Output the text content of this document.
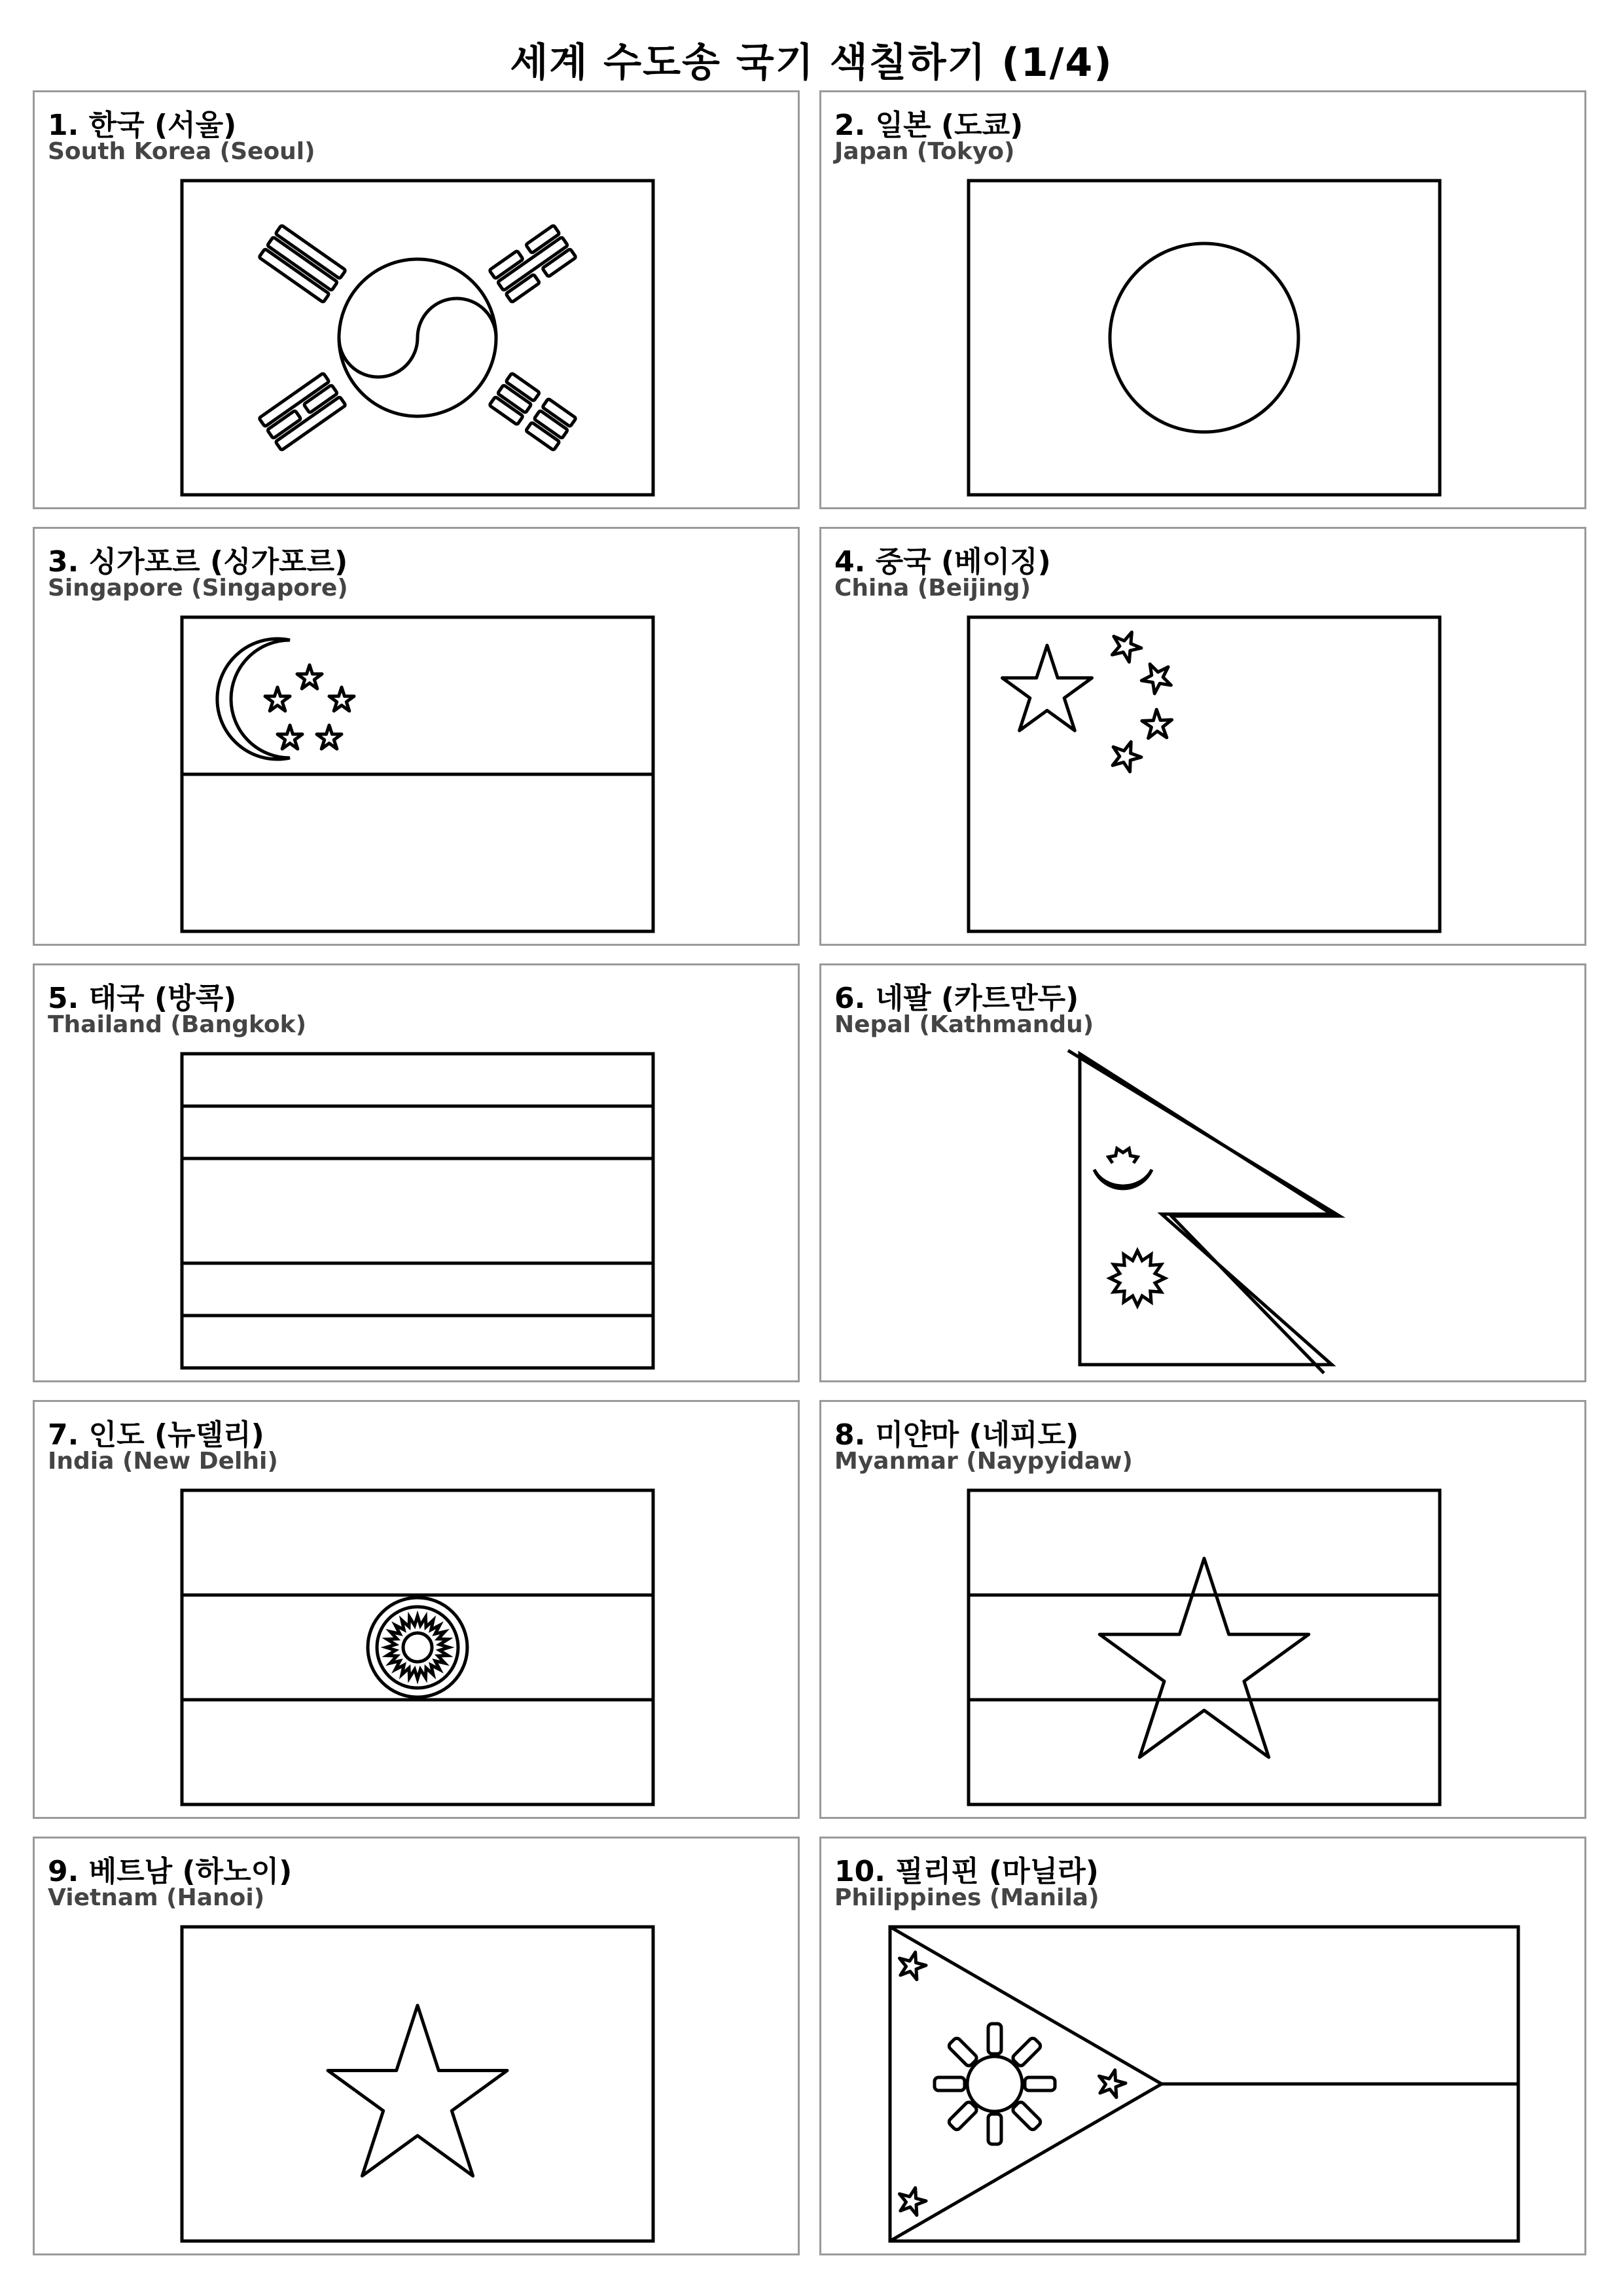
세계 수도송 국기 색칠하기 (1/4)
1. 한국 (서울)
South Korea (Seoul)
2. 일본 (도쿄)
Japan (Tokyo)
3. 싱가포르 (싱가포르)
Singapore (Singapore)
4. 중국 (베이징)
China (Beijing)
5. 태국 (방콕)
Thailand (Bangkok)
6. 네팔 (카트만두)
Nepal (Kathmandu)
7. 인도 (뉴델리)
India (New Delhi)
8. 미얀마 (네피도)
Myanmar (Naypyidaw)
9. 베트남 (하노이)
Vietnam (Hanoi)
10. 필리핀 (마닐라)
Philippines (Manila)
